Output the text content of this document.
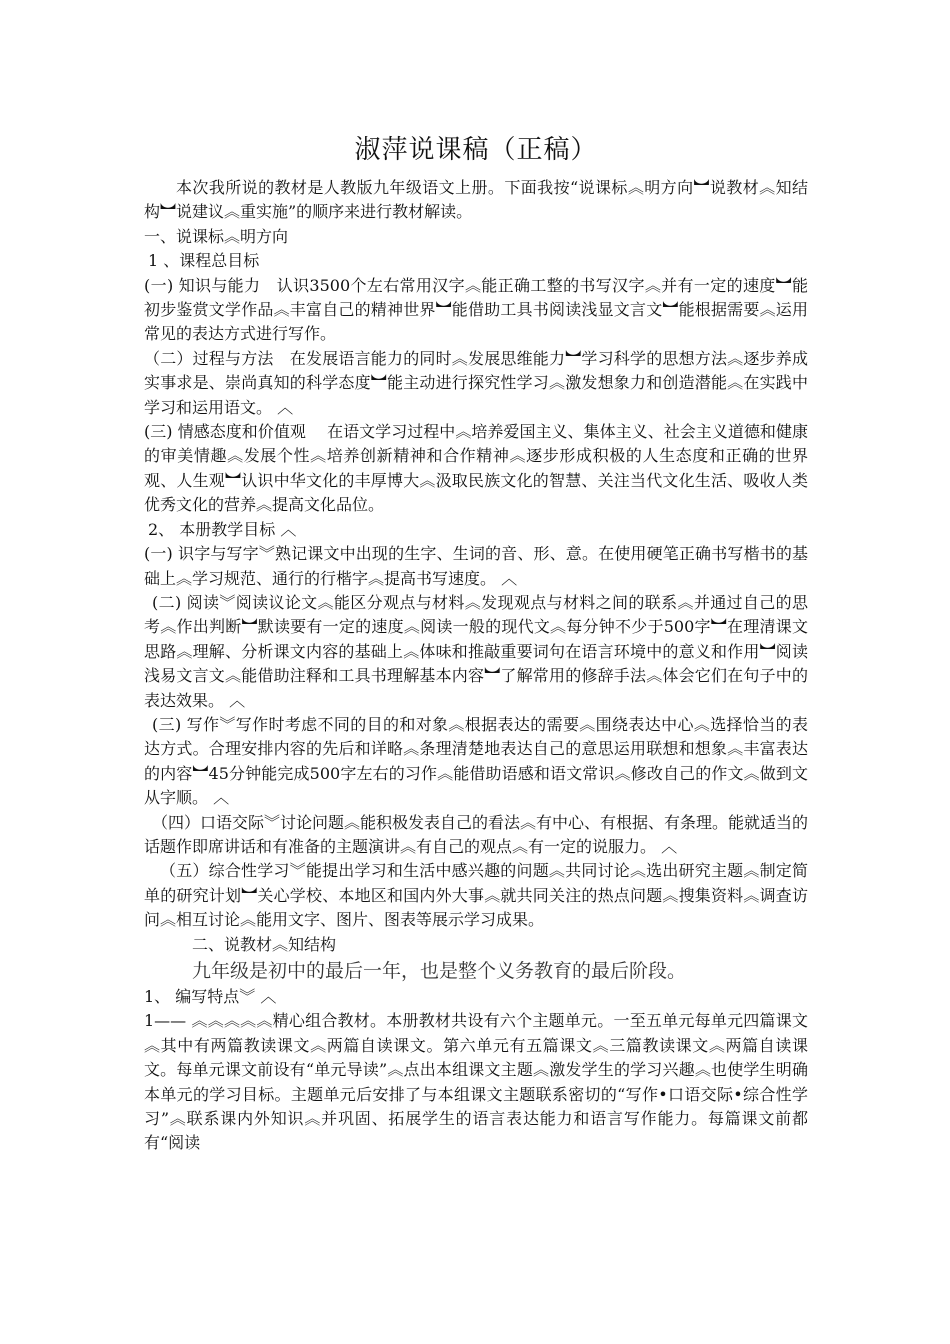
淑萍说课稿（正稿）

本次我所说的教材是人教版九年级语文上册。下面我按“说课标︽明方向︼说教材︽知结构︼说建议︽重实施”的顺序来进行教材解读。

一、说课标︽明方向

1 、课程总目标

(一) 知识与能力　认识3500个左右常用汉字︽能正确工整的书写汉字︽并有一定的速度︼能初步鉴赏文学作品︽丰富自己的精神世界︼能借助工具书阅读浅显文言文︼能根据需要︽运用常见的表达方式进行写作。

（二）过程与方法　在发展语言能力的同时︽发展思维能力︼学习科学的思想方法︽逐步养成实事求是、崇尚真知的科学态度︼能主动进行探究性学习︽激发想象力和创造潜能︽在实践中学习和运用语文。 ︿

(三) 情感态度和价值观　 在语文学习过程中︽培养爱国主义、集体主义、社会主义道德和健康的审美情趣︽发展个性︽培养创新精神和合作精神︽逐步形成积极的人生态度和正确的世界观、人生观︼认识中华文化的丰厚博大︽汲取民族文化的智慧、关注当代文化生活、吸收人类优秀文化的营养︽提高文化品位。

2、 本册教学目标 ︿

(一) 识字与写字︾熟记课文中出现的生字、生词的音、形、意。在使用硬笔正确书写楷书的基础上︽学习规范、通行的行楷字︽提高书写速度。 ︿

(二) 阅读︾阅读议论文︽能区分观点与材料︽发现观点与材料之间的联系︽并通过自己的思考︽作出判断︼默读要有一定的速度︽阅读一般的现代文︽每分钟不少于500字︼在理清课文思路︽理解、分析课文内容的基础上︽体味和推敲重要词句在语言环境中的意义和作用︼阅读浅易文言文︽能借助注释和工具书理解基本内容︼了解常用的修辞手法︽体会它们在句子中的表达效果。 ︿

(三) 写作︾写作时考虑不同的目的和对象︽根据表达的需要︽围绕表达中心︽选择恰当的表达方式。合理安排内容的先后和详略︽条理清楚地表达自己的意思运用联想和想象︽丰富表达的内容︼45分钟能完成500字左右的习作︽能借助语感和语文常识︽修改自己的作文︽做到文从字顺。 ︿

（四）口语交际︾讨论问题︽能积极发表自己的看法︽有中心、有根据、有条理。能就适当的话题作即席讲话和有准备的主题演讲︽有自己的观点︽有一定的说服力。 ︿

（五）综合性学习︾能提出学习和生活中感兴趣的问题︽共同讨论︽选出研究主题︽制定简单的研究计划︼关心学校、本地区和国内外大事︽就共同关注的热点问题︽搜集资料︽调查访问︽相互讨论︽能用文字、图片、图表等展示学习成果。

二、说教材︽知结构

九年级是初中的最后一年，也是整个义务教育的最后阶段。

1、 编写特点︾ ︿

1—— ︽︽︽︽︽精心组合教材。本册教材共设有六个主题单元。一至五单元每单元四篇课文︽其中有两篇教读课文︽两篇自读课文。第六单元有五篇课文︽三篇教读课文︽两篇自读课文。每单元课文前设有“单元导读”︽点出本组课文主题︽激发学生的学习兴趣︽也使学生明确本单元的学习目标。主题单元后安排了与本组课文主题联系密切的“写作•口语交际•综合性学习”︽联系课内外知识︽并巩固、拓展学生的语言表达能力和语言写作能力。每篇课文前都有“阅读
